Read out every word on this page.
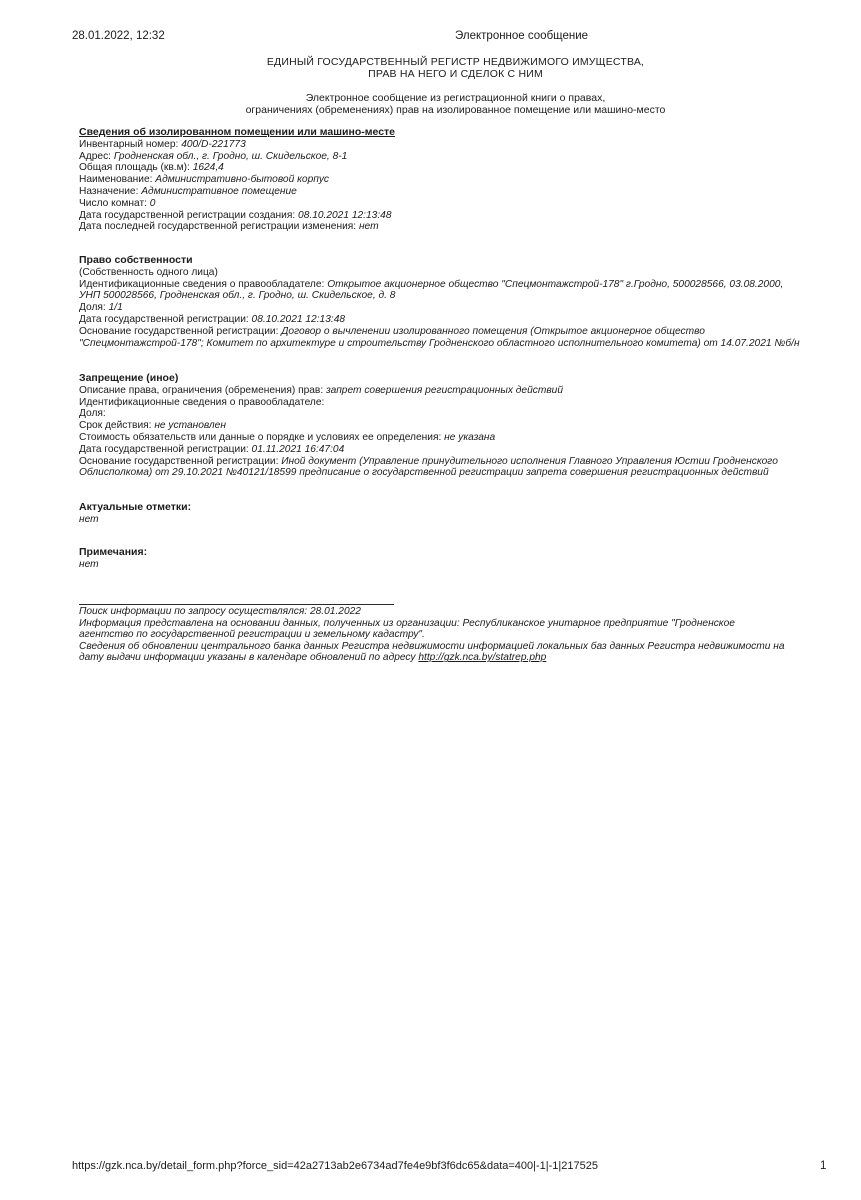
28.01.2022, 12:32	Электронное сообщение
ЕДИНЫЙ ГОСУДАРСТВЕННЫЙ РЕГИСТР НЕДВИЖИМОГО ИМУЩЕСТВА,
ПРАВ НА НЕГО И СДЕЛОК С НИМ
Электронное сообщение из регистрационной книги о правах,
ограничениях (обременениях) прав на изолированное помещение или машино-место
Сведения об изолированном помещении или машино-месте
Инвентарный номер: 400/D-221773
Адрес: Гродненская обл., г. Гродно, ш. Скидельское, 8-1
Общая площадь (кв.м): 1624,4
Наименование: Административно-бытовой корпус
Назначение: Административное помещение
Число комнат: 0
Дата государственной регистрации создания: 08.10.2021 12:13:48
Дата последней государственной регистрации изменения: нет
Право собственности
(Собственность одного лица)
Идентификационные сведения о правообладателе: Открытое акционерное общество "Спецмонтажстрой-178" г.Гродно, 500028566, 03.08.2000,
УНП 500028566, Гродненская обл., г. Гродно, ш. Скидельское, д. 8
Доля: 1/1
Дата государственной регистрации: 08.10.2021 12:13:48
Основание государственной регистрации: Договор о вычленении изолированного помещения (Открытое акционерное общество
"Спецмонтажстрой-178"; Комитет по архитектуре и строительству Гродненского областного исполнительного комитета) от 14.07.2021 №б/н
Запрещение (иное)
Описание права, ограничения (обременения) прав: запрет совершения регистрационных действий
Идентификационные сведения о правообладателе:
Доля:
Срок действия: не установлен
Стоимость обязательств или данные о порядке и условиях ее определения: не указана
Дата государственной регистрации: 01.11.2021 16:47:04
Основание государственной регистрации: Иной документ (Управление принудительного исполнения Главного Управления Юстии Гродненского
Облисполкома) от 29.10.2021 №40121/18599 предписание о государственной регистрации запрета совершения регистрационных действий
Актуальные отметки:
нет
Примечания:
нет
Поиск информации по запросу осуществлялся: 28.01.2022
Информация представлена на основании данных, полученных из организации: Республиканское унитарное предприятие "Гродненское
агентство по государственной регистрации и земельному кадастру".
Сведения об обновлении центрального банка данных Регистра недвижимости информацией локальных баз данных Регистра недвижимости на
дату выдачи информации указаны в календаре обновлений по адресу http://gzk.nca.by/statrep.php
https://gzk.nca.by/detail_form.php?force_sid=42a2713ab2e6734ad7fe4e9bf3f6dc65&data=400|-1|-1|217525	1
